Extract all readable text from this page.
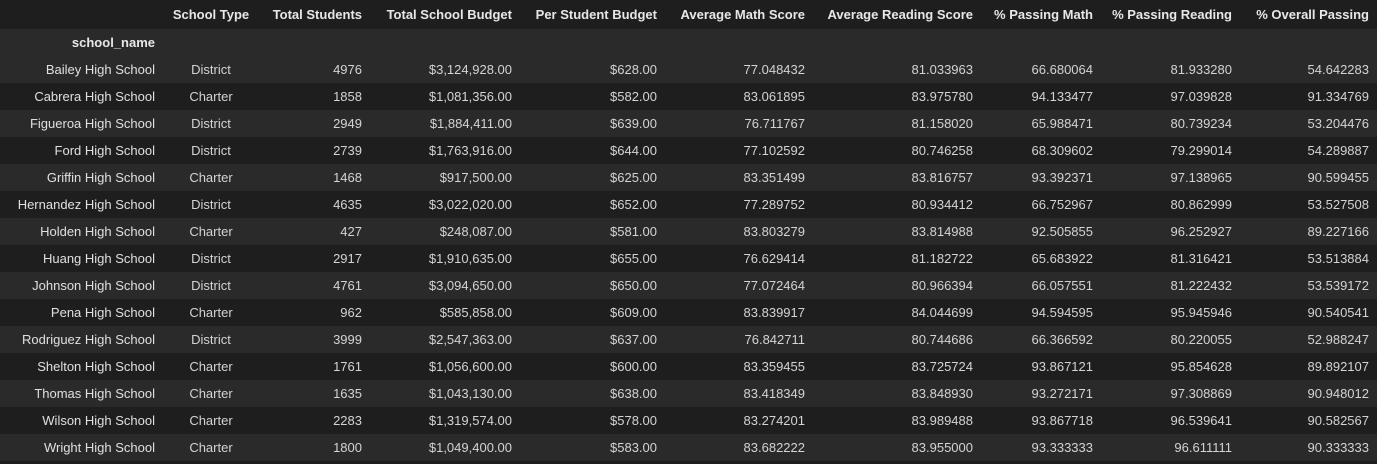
	School Type	Total Students	Total School Budget	Per Student Budget	Average Math Score	Average Reading Score	% Passing Math	% Passing Reading	% Overall Passing
school_name									
Bailey High School	District	4976	$3,124,928.00	$628.00	77.048432	81.033963	66.680064	81.933280	54.642283
Cabrera High School	Charter	1858	$1,081,356.00	$582.00	83.061895	83.975780	94.133477	97.039828	91.334769
Figueroa High School	District	2949	$1,884,411.00	$639.00	76.711767	81.158020	65.988471	80.739234	53.204476
Ford High School	District	2739	$1,763,916.00	$644.00	77.102592	80.746258	68.309602	79.299014	54.289887
Griffin High School	Charter	1468	$917,500.00	$625.00	83.351499	83.816757	93.392371	97.138965	90.599455
Hernandez High School	District	4635	$3,022,020.00	$652.00	77.289752	80.934412	66.752967	80.862999	53.527508
Holden High School	Charter	427	$248,087.00	$581.00	83.803279	83.814988	92.505855	96.252927	89.227166
Huang High School	District	2917	$1,910,635.00	$655.00	76.629414	81.182722	65.683922	81.316421	53.513884
Johnson High School	District	4761	$3,094,650.00	$650.00	77.072464	80.966394	66.057551	81.222432	53.539172
Pena High School	Charter	962	$585,858.00	$609.00	83.839917	84.044699	94.594595	95.945946	90.540541
Rodriguez High School	District	3999	$2,547,363.00	$637.00	76.842711	80.744686	66.366592	80.220055	52.988247
Shelton High School	Charter	1761	$1,056,600.00	$600.00	83.359455	83.725724	93.867121	95.854628	89.892107
Thomas High School	Charter	1635	$1,043,130.00	$638.00	83.418349	83.848930	93.272171	97.308869	90.948012
Wilson High School	Charter	2283	$1,319,574.00	$578.00	83.274201	83.989488	93.867718	96.539641	90.582567
Wright High School	Charter	1800	$1,049,400.00	$583.00	83.682222	83.955000	93.333333	96.611111	90.333333
